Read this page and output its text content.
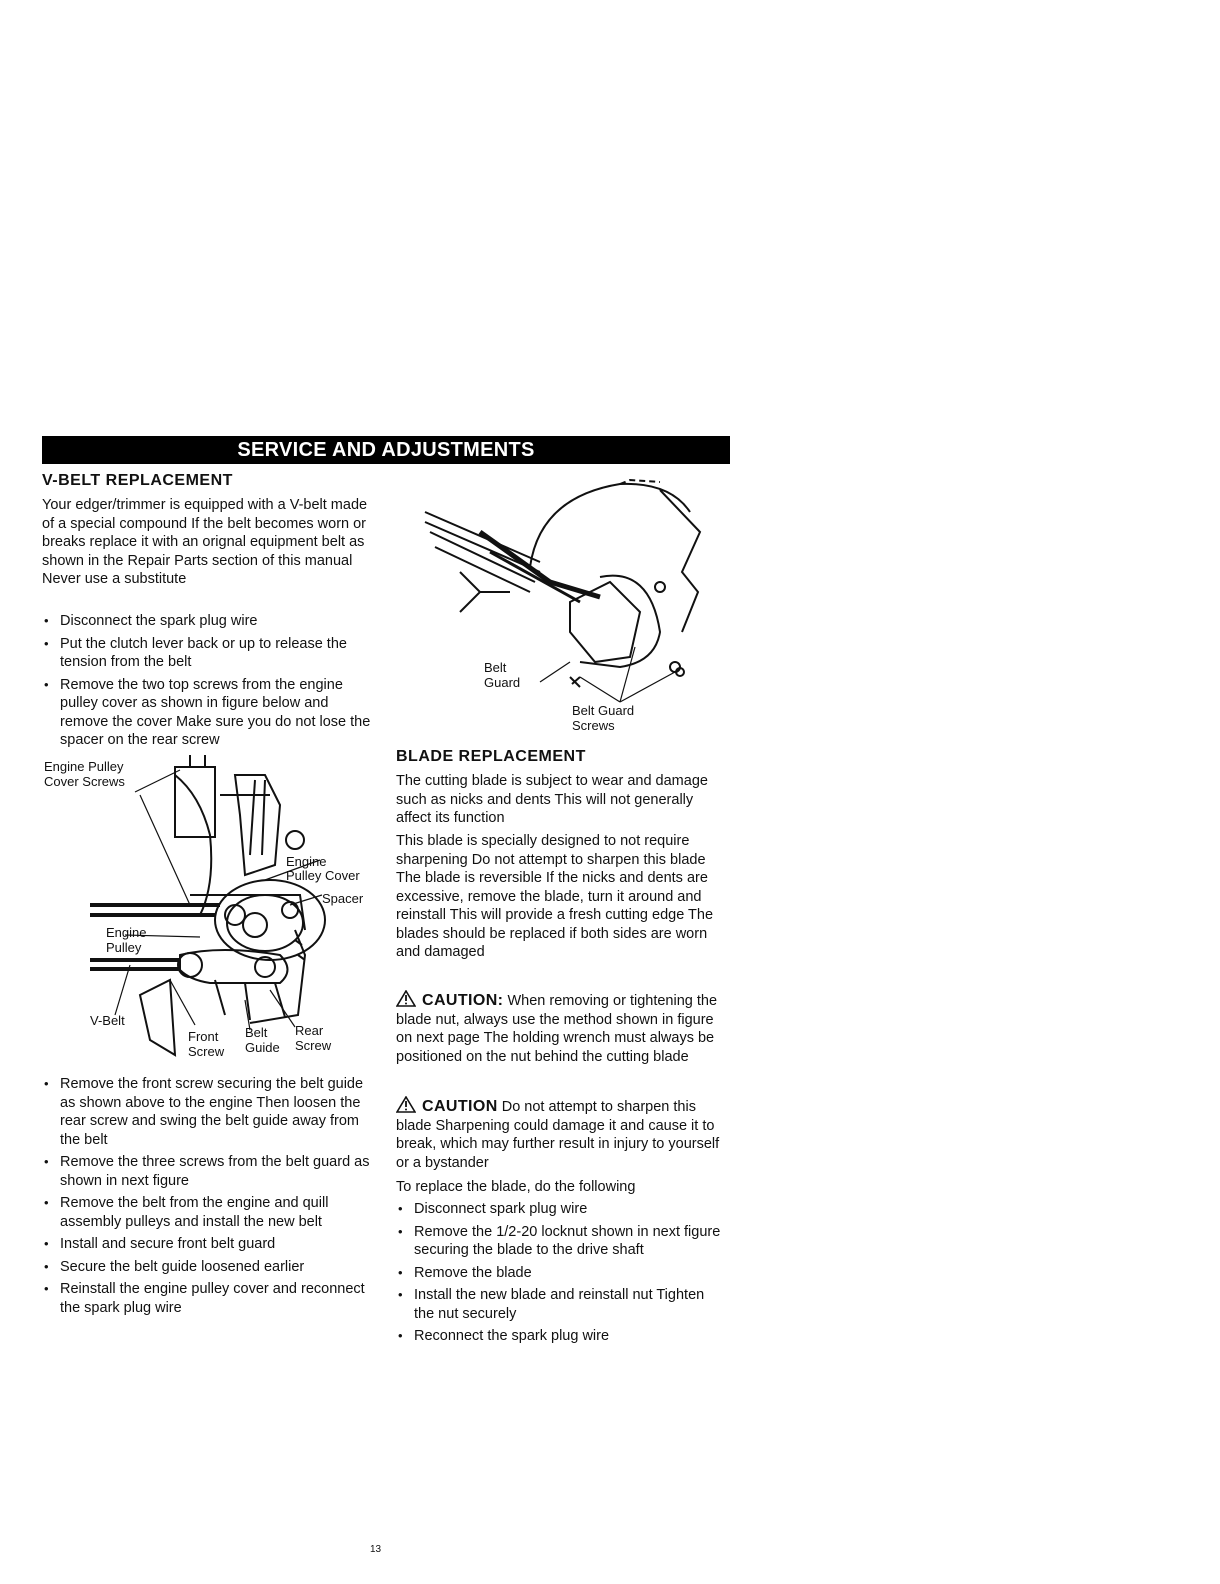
SERVICE AND ADJUSTMENTS
V-BELT REPLACEMENT

Your edger/trimmer is equipped with a V-belt made of a special compound If the belt becomes worn or breaks replace it with an orignal equipment belt as shown in the Repair Parts section of this manual Never use a substitute

• Disconnect the spark plug wire
• Put the clutch lever back or up to release the tension from the belt
• Remove the two top screws from the engine pulley cover as shown in figure below and remove the cover Make sure you do not lose the spacer on the rear screw
Engine Pulley
Cover Screws
Engine
Pulley Cover
Spacer
Engine
Pulley
V-Belt
Front
Screw
Belt
Guide
Rear
Screw
• Remove the front screw securing the belt guide as shown above to the engine Then loosen the rear screw and swing the belt guide away from the belt
• Remove the three screws from the belt guard as shown in next figure
• Remove the belt from the engine and quill assembly pulleys and install the new belt
• Install and secure front belt guard
• Secure the belt guide loosened earlier
• Reinstall the engine pulley cover and reconnect the spark plug wire
Belt
Guard
Belt Guard
Screws
BLADE REPLACEMENT

The cutting blade is subject to wear and damage such as nicks and dents This will not generally affect its function

This blade is specially designed to not require sharpening Do not attempt to sharpen this blade The blade is reversible If the nicks and dents are excessive, remove the blade, turn it around and reinstall This will provide a fresh cutting edge The blades should be replaced if both sides are worn and damaged

CAUTION: When removing or tightening the blade nut, always use the method shown in figure on next page The holding wrench must always be positioned on the nut behind the cutting blade

CAUTION Do not attempt to sharpen this blade Sharpening could damage it and cause it to break, which may further result in injury to yourself or a bystander

To replace the blade, do the following

• Disconnect spark plug wire
• Remove the 1/2-20 locknut shown in next figure securing the blade to the drive shaft
• Remove the blade
• Install the new blade and reinstall nut Tighten the nut securely
• Reconnect the spark plug wire
13
